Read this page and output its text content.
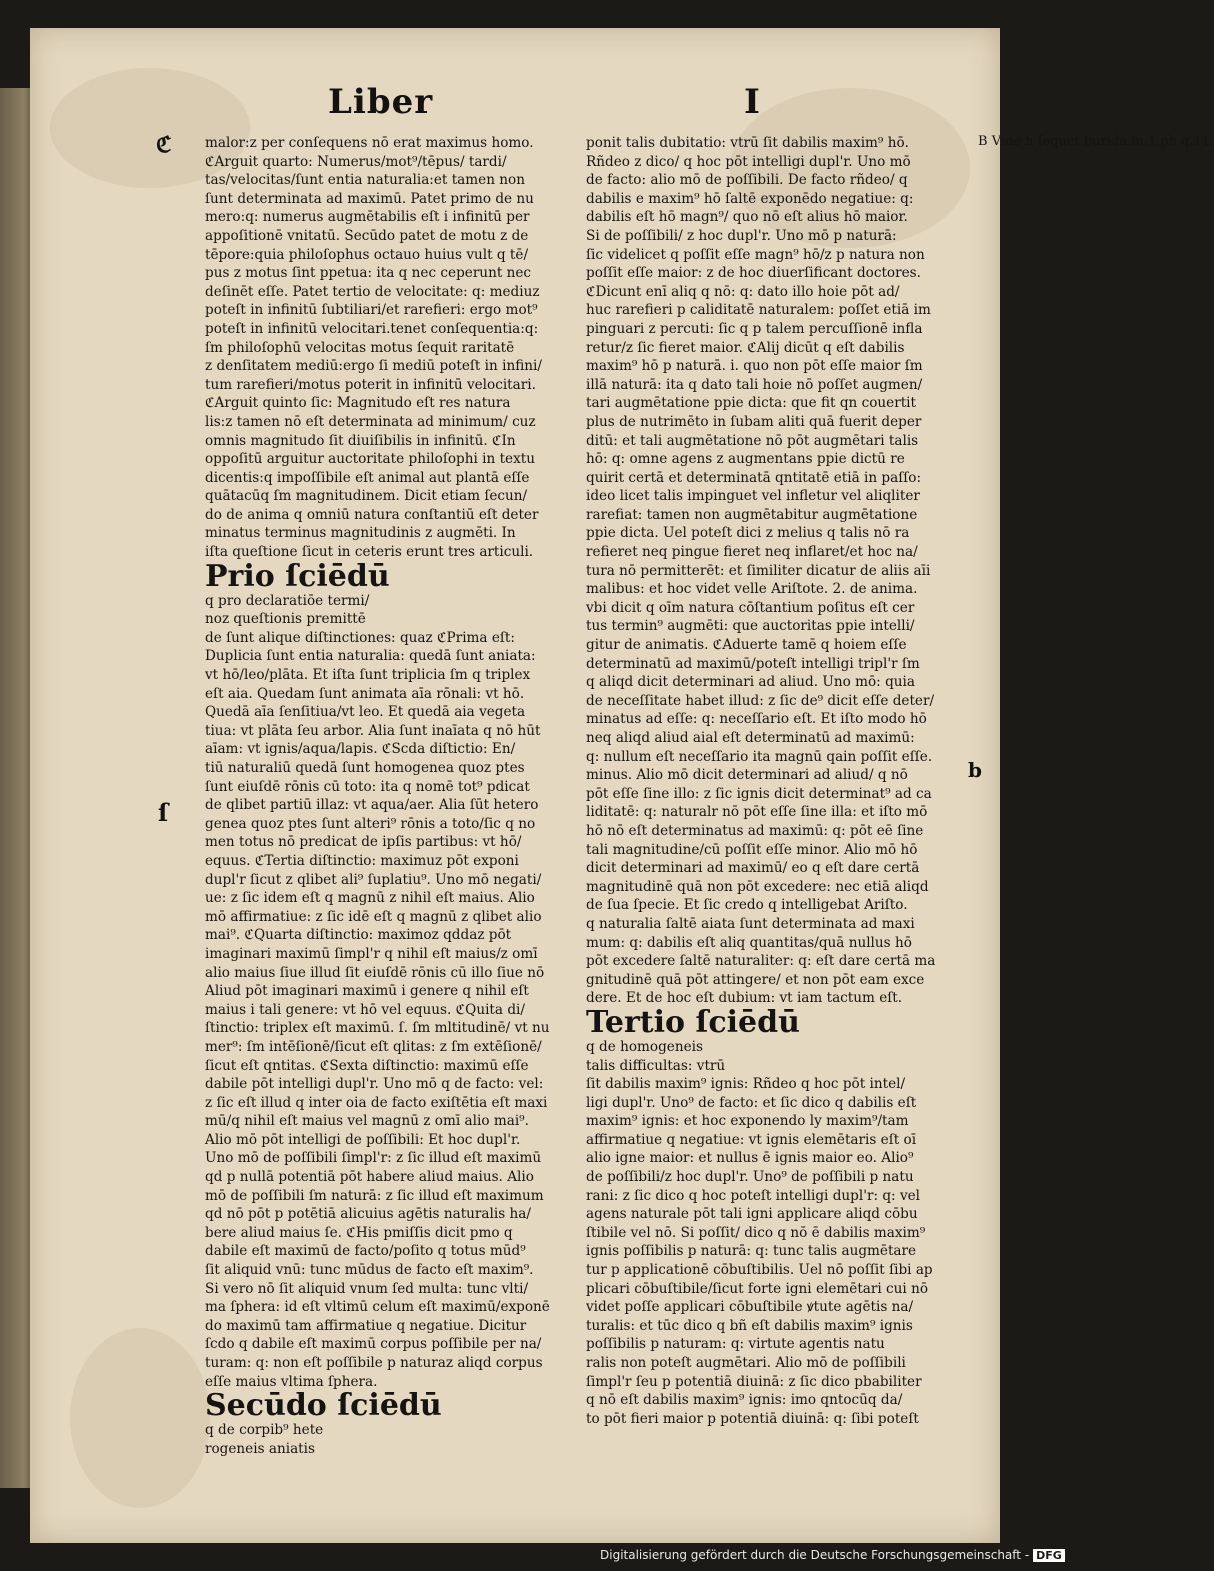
Liber	I
ℭ
ſ
b
B Vide h ſequet burida in.1.ph q.11.
malor:z per conſequens nō erat maximus homo.
ℭArguit quarto: Numerus/mot⁹/tēpus/ tardi/
tas/velocitas/ſunt entia naturalia:et tamen non
ſunt determinata ad maximū. Patet primo de nu
mero:q: numerus augmētabilis eſt i infinitū per
appoſitionē vnitatū. Secūdo patet de motu z de
tēpore:quia philoſophus octauo huius vult q tē/
pus z motus ſint ppetua: ita q nec ceperunt nec
deſinēt eſſe. Patet tertio de velocitate: q: mediuz
poteſt in infinitū ſubtiliari/et rarefieri: ergo mot⁹
poteſt in infinitū velocitari.tenet conſequentia:q:
ſm philoſophū velocitas motus ſequit raritatē
z denſitatem mediū:ergo ſi mediū poteſt in infini/
tum rarefieri/motus poterit in infinitū velocitari.
ℭArguit quinto ſic: Magnitudo eſt res natura
lis:z tamen nō eſt determinata ad minimum/ cuz
omnis magnitudo ſit diuiſibilis in infinitū. ℭIn
oppoſitū arguitur auctoritate philoſophi in textu
dicentis:q impoſſibile eſt animal aut plantā eſſe
quātacūq ſm magnitudinem. Dicit etiam ſecun/
do de anima q omniū natura conſtantiū eſt deter
minatus terminus magnitudinis z augmēti. In
iſta queſtione ſicut in ceteris erunt tres articuli.
Prio ſciēdū
q pro declaratiōe termi/
noz queſtionis premittē
de ſunt alique diſtinctiones: quaz ℭPrima eſt:
Duplicia ſunt entia naturalia: quedā ſunt aniata:
vt hō/leo/plāta. Et iſta ſunt triplicia ſm q triplex
eſt aia. Quedam ſunt animata aīa rōnali: vt hō.
Quedā aīa ſenſitiua/vt leo. Et quedā aia vegeta
tiua: vt plāta ſeu arbor. Alia ſunt inaīata q nō hūt
aīam: vt ignis/aqua/lapis. ℭScda diſtictio: En/
tiū naturaliū quedā ſunt homogenea quoz ptes
ſunt eiuſdē rōnis cū toto: ita q nomē tot⁹ pdicat
de qlibet partiū illaz: vt aqua/aer. Alia ſūt hetero
genea quoz ptes ſunt alteri⁹ rōnis a toto/ſic q no
men totus nō predicat de ipſis partibus: vt hō/
equus. ℭTertia diſtinctio: maximuz pōt exponi
dupl'r ſicut z qlibet ali⁹ ſuplatiu⁹. Uno mō negati/
ue: z ſic idem eſt q magnū z nihil eſt maius. Alio
mō affirmatiue: z ſic idē eſt q magnū z qlibet alio
mai⁹. ℭQuarta diſtinctio: maximoz qddaz pōt
imaginari maximū ſimpl'r q nihil eſt maius/z omī
alio maius ſiue illud ſit eiuſdē rōnis cū illo ſiue nō
Aliud pōt imaginari maximū i genere q nihil eſt
maius i tali genere: vt hō vel equus. ℭQuita di/
ſtinctio: triplex eſt maximū. ſ. ſm mltitudinē/ vt nu
mer⁹: ſm intēſionē/ſicut eſt qlitas: z ſm extēſionē/
ſicut eſt qntitas. ℭSexta diſtinctio: maximū eſſe
dabile pōt intelligi dupl'r. Uno mō q de facto: vel:
z ſic eſt illud q inter oia de facto exiſtētia eſt maxi
mū/q nihil eſt maius vel magnū z omī alio mai⁹.
Alio mō pōt intelligi de poſſibili: Et hoc dupl'r.
Uno mō de poſſibili ſimpl'r: z ſic illud eſt maximū
qd p nullā potentiā pōt habere aliud maius. Alio
mō de poſſibili ſm naturā: z ſic illud eſt maximum
qd nō pōt p potētiā alicuius agētis naturalis ha/
bere aliud maius ſe. ℭHis pmiſſis dicit pmo q
dabile eſt maximū de facto/poſito q totus mūd⁹
ſit aliquid vnū: tunc mūdus de facto eſt maxim⁹.
Si vero nō ſit aliquid vnum ſed multa: tunc vlti/
ma ſphera: id eſt vltimū celum eſt maximū/exponē
do maximū tam affirmatiue q negatiue. Dicitur
ſcdo q dabile eſt maximū corpus poſſibile per na/
turam: q: non eſt poſſibile p naturaz aliqd corpus
eſſe maius vltima ſphera.
Secūdo ſciēdū
q de corpib⁹ hete
rogeneis aniatis
ponit talis dubitatio: vtrū ſit dabilis maxim⁹ hō.
Rñdeo z dico/ q hoc pōt intelligi dupl'r. Uno mō
de facto: alio mō de poſſibili. De facto rñdeo/ q
dabilis e maxim⁹ hō ſaltē exponēdo negatiue: q:
dabilis eſt hō magn⁹/ quo nō eſt alius hō maior.
Si de poſſibili/ z hoc dupl'r. Uno mō p naturā:
ſic videlicet q poſſit eſſe magn⁹ hō/z p natura non
poſſit eſſe maior: z de hoc diuerſificant doctores.
ℭDicunt enī aliq q nō: q: dato illo hoie pōt ad/
huc rarefieri p caliditatē naturalem: poſſet etiā im
pinguari z percuti: ſic q p talem percuſſionē infla
retur/z ſic fieret maior. ℭAlij dicūt q eſt dabilis
maxim⁹ hō p naturā. i. quo non pōt eſſe maior ſm
illā naturā: ita q dato tali hoie nō poſſet augmen/
tari augmētatione ppie dicta: que fit qn couertit
plus de nutrimēto in ſubam aliti quā fuerit deper
ditū: et tali augmētatione nō pōt augmētari talis
hō: q: omne agens z augmentans ppie dictū re
quirit certā et determinatā qntitatē etiā in paſſo:
ideo licet talis impinguet vel infletur vel aliqliter
rarefiat: tamen non augmētabitur augmētatione
ppie dicta. Uel poteſt dici z melius q talis nō ra
refieret neq pingue fieret neq inflaret/et hoc na/
tura nō permitterēt: et ſimiliter dicatur de aliis aīi
malibus: et hoc videt velle Ariſtote. 2. de anima.
vbi dicit q oīm natura cōſtantium poſitus eſt cer
tus termin⁹ augmēti: que auctoritas ppie intelli/
gitur de animatis. ℭAduerte tamē q hoiem eſſe
determinatū ad maximū/poteſt intelligi tripl'r ſm
q aliqd dicit determinari ad aliud. Uno mō: quia
de neceſſitate habet illud: z ſic de⁹ dicit eſſe deter/
minatus ad eſſe: q: neceſſario eſt. Et iſto modo hō
neq aliqd aliud aial eſt determinatū ad maximū:
q: nullum eſt neceſſario ita magnū qain poſſit eſſe.
minus. Alio mō dicit determinari ad aliud/ q nō
pōt eſſe ſine illo: z ſic ignis dicit determinat⁹ ad ca
liditatē: q: naturalr nō pōt eſſe ſine illa: et iſto mō
hō nō eſt determinatus ad maximū: q: pōt eē ſine
tali magnitudine/cū poſſit eſſe minor. Alio mō hō
dicit determinari ad maximū/ eo q eſt dare certā
magnitudinē quā non pōt excedere: nec etiā aliqd
de ſua ſpecie. Et ſic credo q intelligebat Ariſto.
q naturalia ſaltē aiata ſunt determinata ad maxi
mum: q: dabilis eſt aliq quantitas/quā nullus hō
pōt excedere ſaltē naturaliter: q: eſt dare certā ma
gnitudinē quā pōt attingere/ et non pōt eam exce
dere. Et de hoc eſt dubium: vt iam tactum eſt.
Tertio ſciēdū
q de homogeneis
talis difficultas: vtrū
ſit dabilis maxim⁹ ignis: Rñdeo q hoc pōt intel/
ligi dupl'r. Uno⁹ de facto: et ſic dico q dabilis eſt
maxim⁹ ignis: et hoc exponendo ly maxim⁹/tam
affirmatiue q negatiue: vt ignis elemētaris eſt oī
alio igne maior: et nullus ē ignis maior eo. Alio⁹
de poſſibili/z hoc dupl'r. Uno⁹ de poſſibili p natu
rani: z ſic dico q hoc poteſt intelligi dupl'r: q: vel
agens naturale pōt tali igni applicare aliqd cōbu
ſtibile vel nō. Si poſſit/ dico q nō ē dabilis maxim⁹
ignis poſſibilis p naturā: q: tunc talis augmētare
tur p applicationē cōbuſtibilis. Uel nō poſſit ſibi ap
plicari cōbuſtibile/ſicut forte igni elemētari cui nō
videt poſſe applicari cōbuſtibile ꝟtute agētis na/
turalis: et tūc dico q bñ eſt dabilis maxim⁹ ignis
poſſibilis p naturam: q: virtute agentis natu
ralis non poteſt augmētari. Alio mō de poſſibili
ſimpl'r ſeu p potentiā diuinā: z ſic dico pbabiliter
q nō eſt dabilis maxim⁹ ignis: imo qntocūq da/
to pōt fieri maior p potentiā diuinā: q: ſibi poteſt
Digitalisierung gefördert durch die Deutsche Forschungsgemeinschaft - DFG
